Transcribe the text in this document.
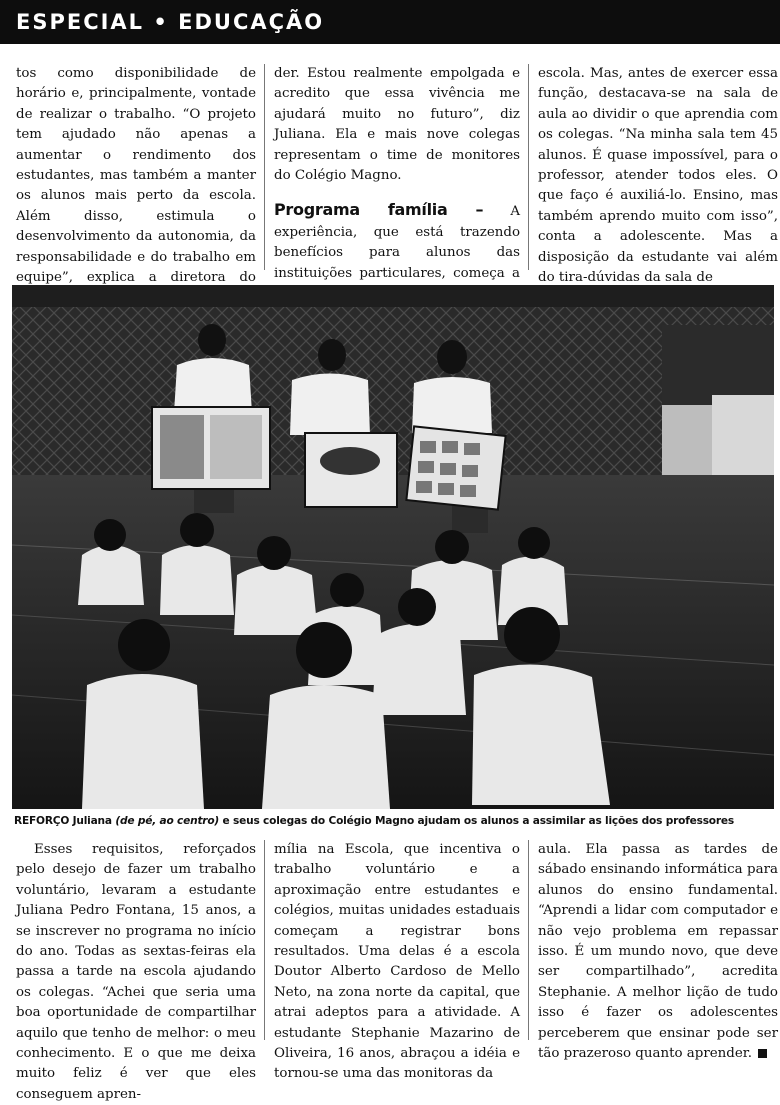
ESPECIAL • EDUCAÇÃO

tos como disponibilidade de horário e, principalmente, vontade de realizar o trabalho. “O projeto tem ajudado não apenas a aumentar o rendimento dos estudantes, mas também a manter os alunos mais perto da escola. Além disso, estimula o desenvolvimento da autonomia, da responsabilidade e do trabalho em equipe”, explica a diretora do

der. Estou realmente empolgada e acredito que essa vivência me ajudará muito no futuro”, diz Juliana. Ela e mais nove colegas representam o time de monitores do Colégio Magno.

Programa família – A experiência, que está trazendo benefícios para alunos das instituições particulares, começa a

escola. Mas, antes de exercer essa função, destacava-se na sala de aula ao dividir o que aprendia com os colegas. “Na minha sala tem 45 alunos. É quase impossível, para o professor, atender todos eles. O que faço é auxiliá-lo. Ensino, mas também aprendo muito com isso”, conta a adolescente. Mas a disposição da estudante vai além do tira-dúvidas da sala de

REFORÇO Juliana (de pé, ao centro) e seus colegas do Colégio Magno ajudam os alunos a assimilar as lições dos professores

Esses requisitos, reforçados pelo desejo de fazer um trabalho voluntário, levaram a estudante Juliana Pedro Fontana, 15 anos, a se inscrever no programa no início do ano. Todas as sextas-feiras ela passa a tarde na escola ajudando os colegas. “Achei que seria uma boa oportunidade de compartilhar aquilo que tenho de melhor: o meu conhecimento. E o que me deixa muito feliz é ver que eles conseguem apren-

mília na Escola, que incentiva o trabalho voluntário e a aproximação entre estudantes e colégios, muitas unidades estaduais começam a registrar bons resultados. Uma delas é a escola Doutor Alberto Cardoso de Mello Neto, na zona norte da capital, que atrai adeptos para a atividade. A estudante Stephanie Mazarino de Oliveira, 16 anos, abraçou a idéia e tornou-se uma das monitoras da

aula. Ela passa as tardes de sábado ensinando informática para alunos do ensino fundamental. “Aprendi a lidar com computador e não vejo problema em repassar isso. É um mundo novo, que deve ser compartilhado”, acredita Stephanie. A melhor lição de tudo isso é fazer os adolescentes perceberem que ensinar pode ser tão prazeroso quanto aprender.
